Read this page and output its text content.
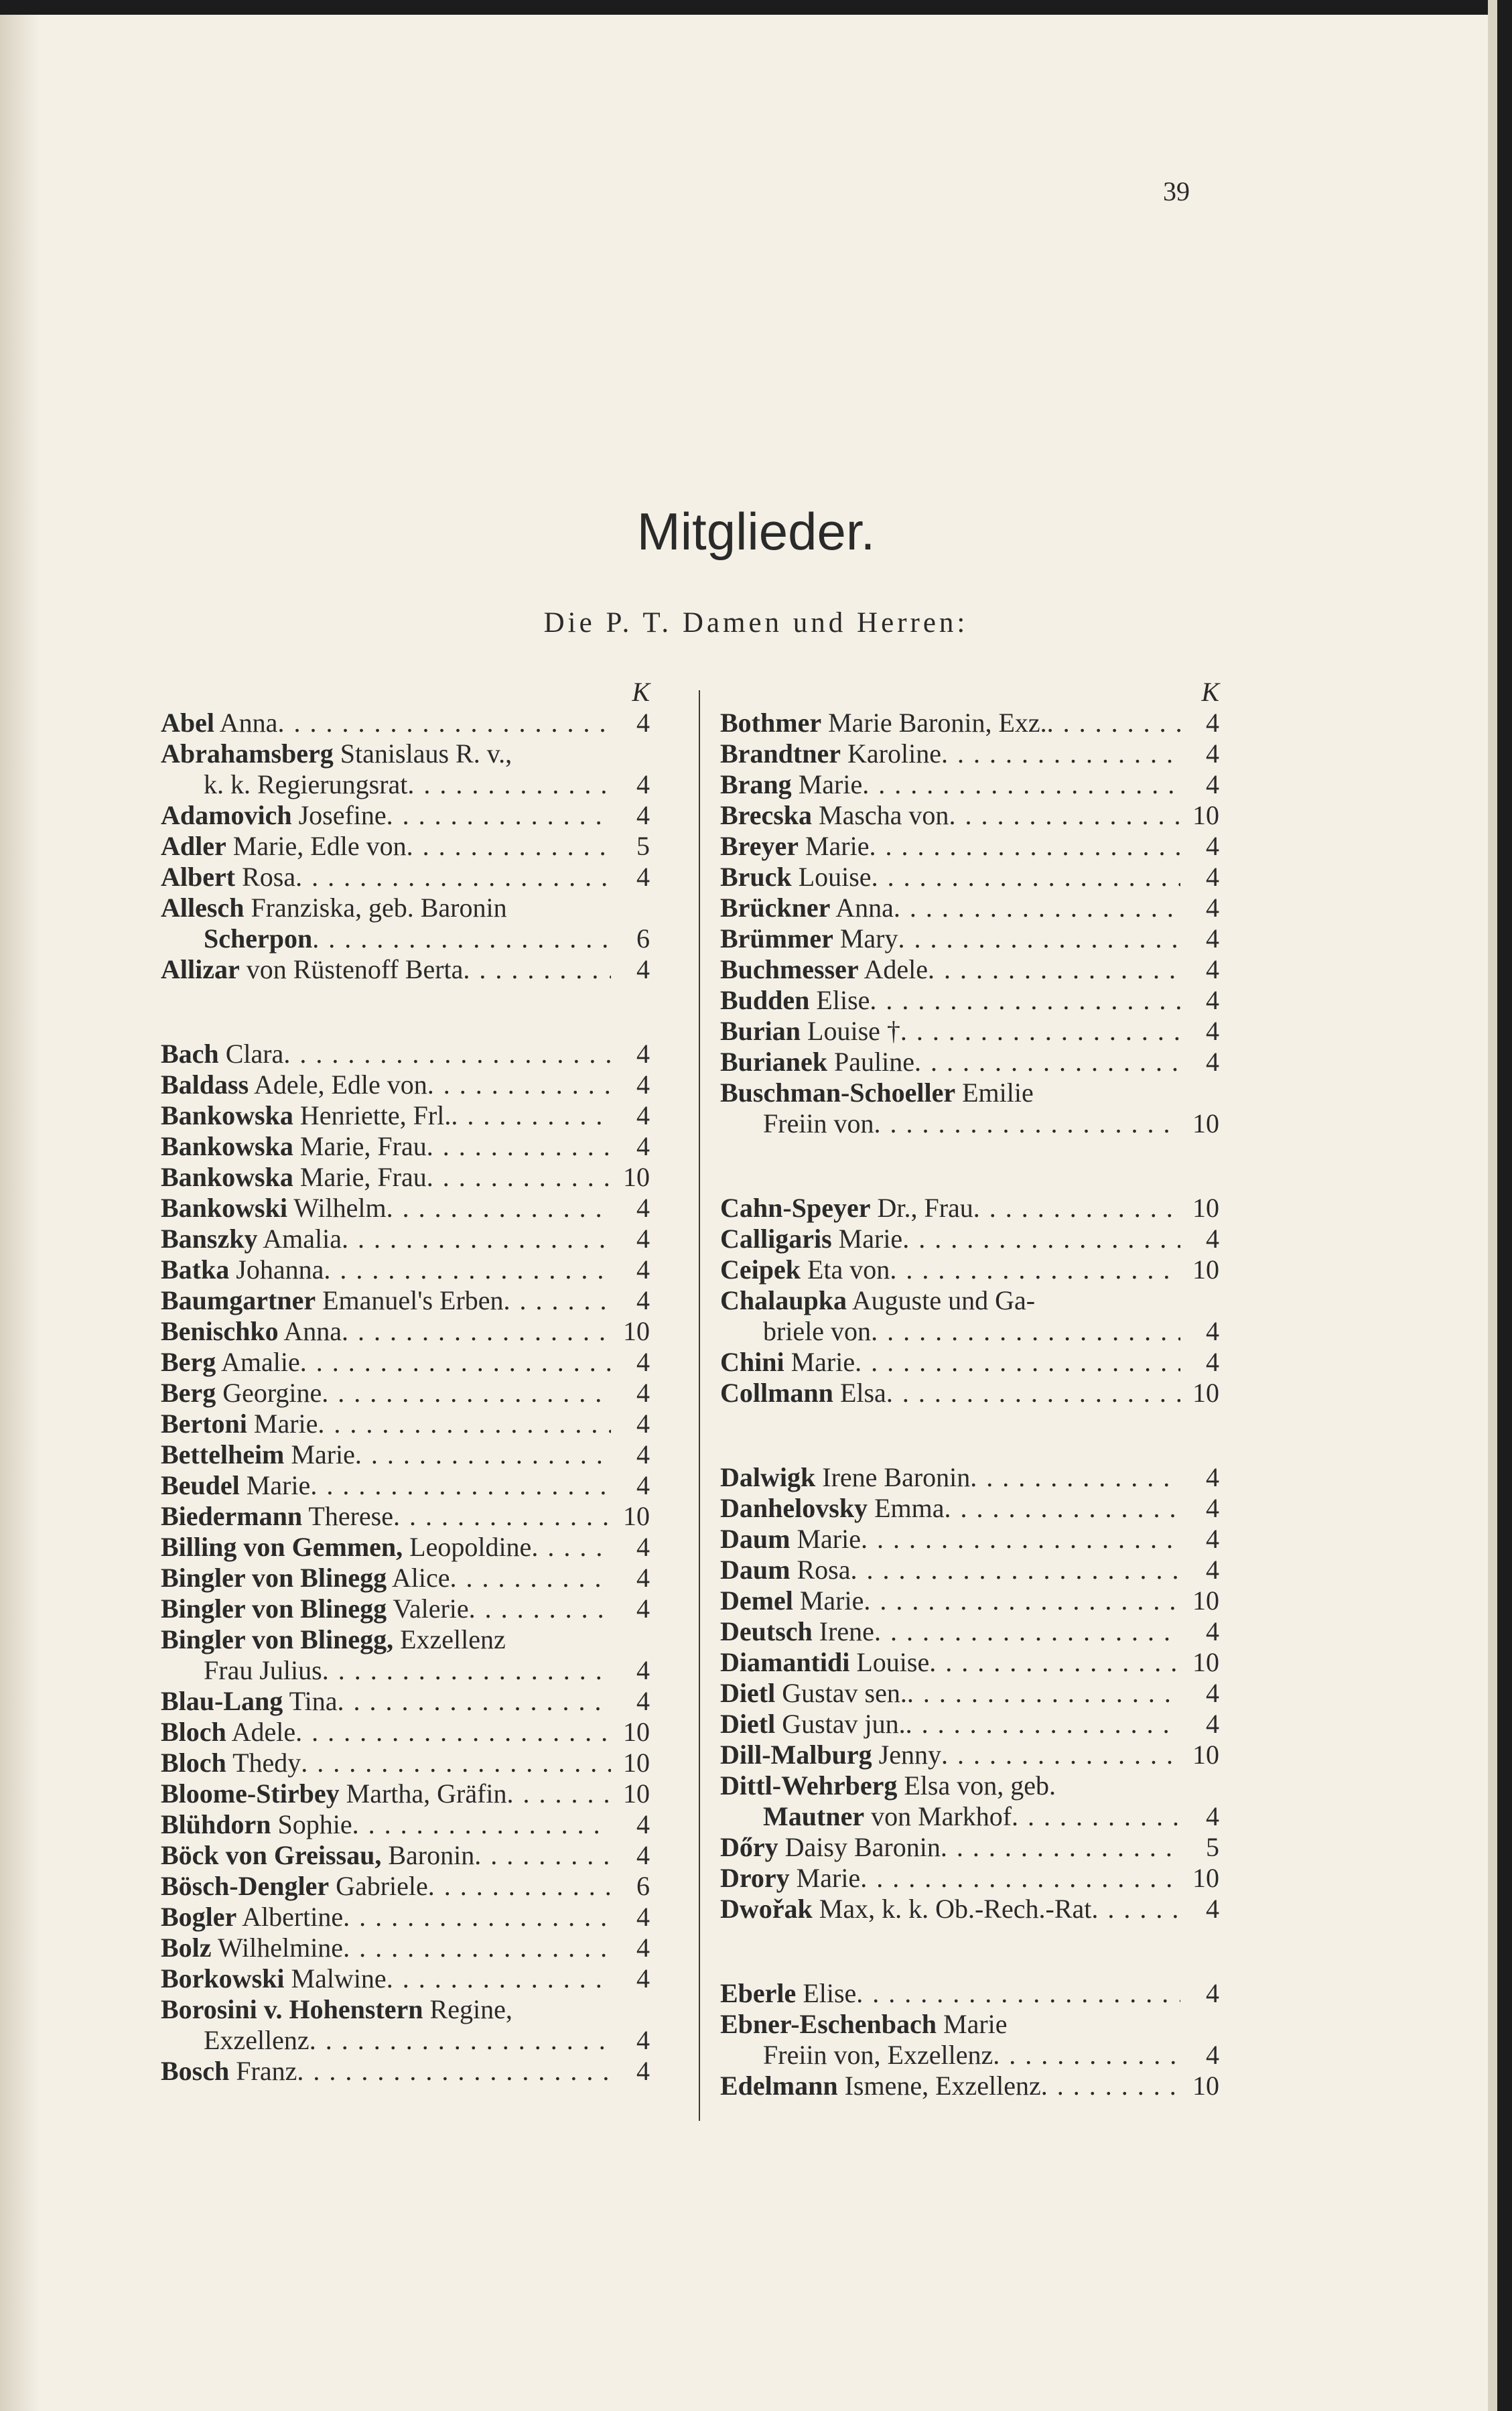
39
Mitglieder.
Die P. T. Damen und Herren:
K
Abel Anna . . .	4
Abrahamsberg Stanislaus R. v.,
k. k. Regierungsrat . . .	4
Adamovich Josefine . . .	4
Adler Marie, Edle von . . .	5
Albert Rosa . . .	4
Allesch Franziska, geb. Baronin
Scherpon . . .	6
Allizar von Rüstenoff Berta . . .	4
Bach Clara . . .	4
Baldass Adele, Edle von . . .	4
Bankowska Henriette, Frl. . . .	4
Bankowska Marie, Frau . . .	4
Bankowska Marie, Frau . . .	10
Bankowski Wilhelm . . .	4
Banszky Amalia . . .	4
Batka Johanna . . .	4
Baumgartner Emanuel's Erben . . .	4
Benischko Anna . . .	10
Berg Amalie . . .	4
Berg Georgine . . .	4
Bertoni Marie . . .	4
Bettelheim Marie . . .	4
Beudel Marie . . .	4
Biedermann Therese . . .	10
Billing von Gemmen, Leopoldine . . .	4
Bingler von Blinegg Alice . . .	4
Bingler von Blinegg Valerie . . .	4
Bingler von Blinegg, Exzellenz
Frau Julius . . .	4
Blau-Lang Tina . . .	4
Bloch Adele . . .	10
Bloch Thedy . . .	10
Bloome-Stirbey Martha, Gräfin . . .	10
Blühdorn Sophie . . .	4
Böck von Greissau, Baronin . . .	4
Bösch-Dengler Gabriele . . .	6
Bogler Albertine . . .	4
Bolz Wilhelmine . . .	4
Borkowski Malwine . . .	4
Borosini v. Hohenstern Regine,
Exzellenz . . .	4
Bosch Franz . . .	4
K
Bothmer Marie Baronin, Exz. . . .	4
Brandtner Karoline . . .	4
Brang Marie . . .	4
Brecska Mascha von . . .	10
Breyer Marie . . .	4
Bruck Louise . . .	4
Brückner Anna . . .	4
Brümmer Mary . . .	4
Buchmesser Adele . . .	4
Budden Elise . . .	4
Burian Louise † . . .	4
Burianek Pauline . . .	4
Buschman-Schoeller Emilie
Freiin von . . .	10
Cahn-Speyer Dr., Frau . . .	10
Calligaris Marie . . .	4
Ceipek Eta von . . .	10
Chalaupka Auguste und Ga-
briele von . . .	4
Chini Marie . . .	4
Collmann Elsa . . .	10
Dalwigk Irene Baronin . . .	4
Danhelovsky Emma . . .	4
Daum Marie . . .	4
Daum Rosa . . .	4
Demel Marie . . .	10
Deutsch Irene . . .	4
Diamantidi Louise . . .	10
Dietl Gustav sen. . . .	4
Dietl Gustav jun. . . .	4
Dill-Malburg Jenny . . .	10
Dittl-Wehrberg Elsa von, geb.
Mautner von Markhof . . .	4
Dőry Daisy Baronin . . .	5
Drory Marie . . .	10
Dwořak Max, k. k. Ob.-Rech.-Rat . . .	4
Eberle Elise . . .	4
Ebner-Eschenbach Marie
Freiin von, Exzellenz . . .	4
Edelmann Ismene, Exzellenz . . .	10
